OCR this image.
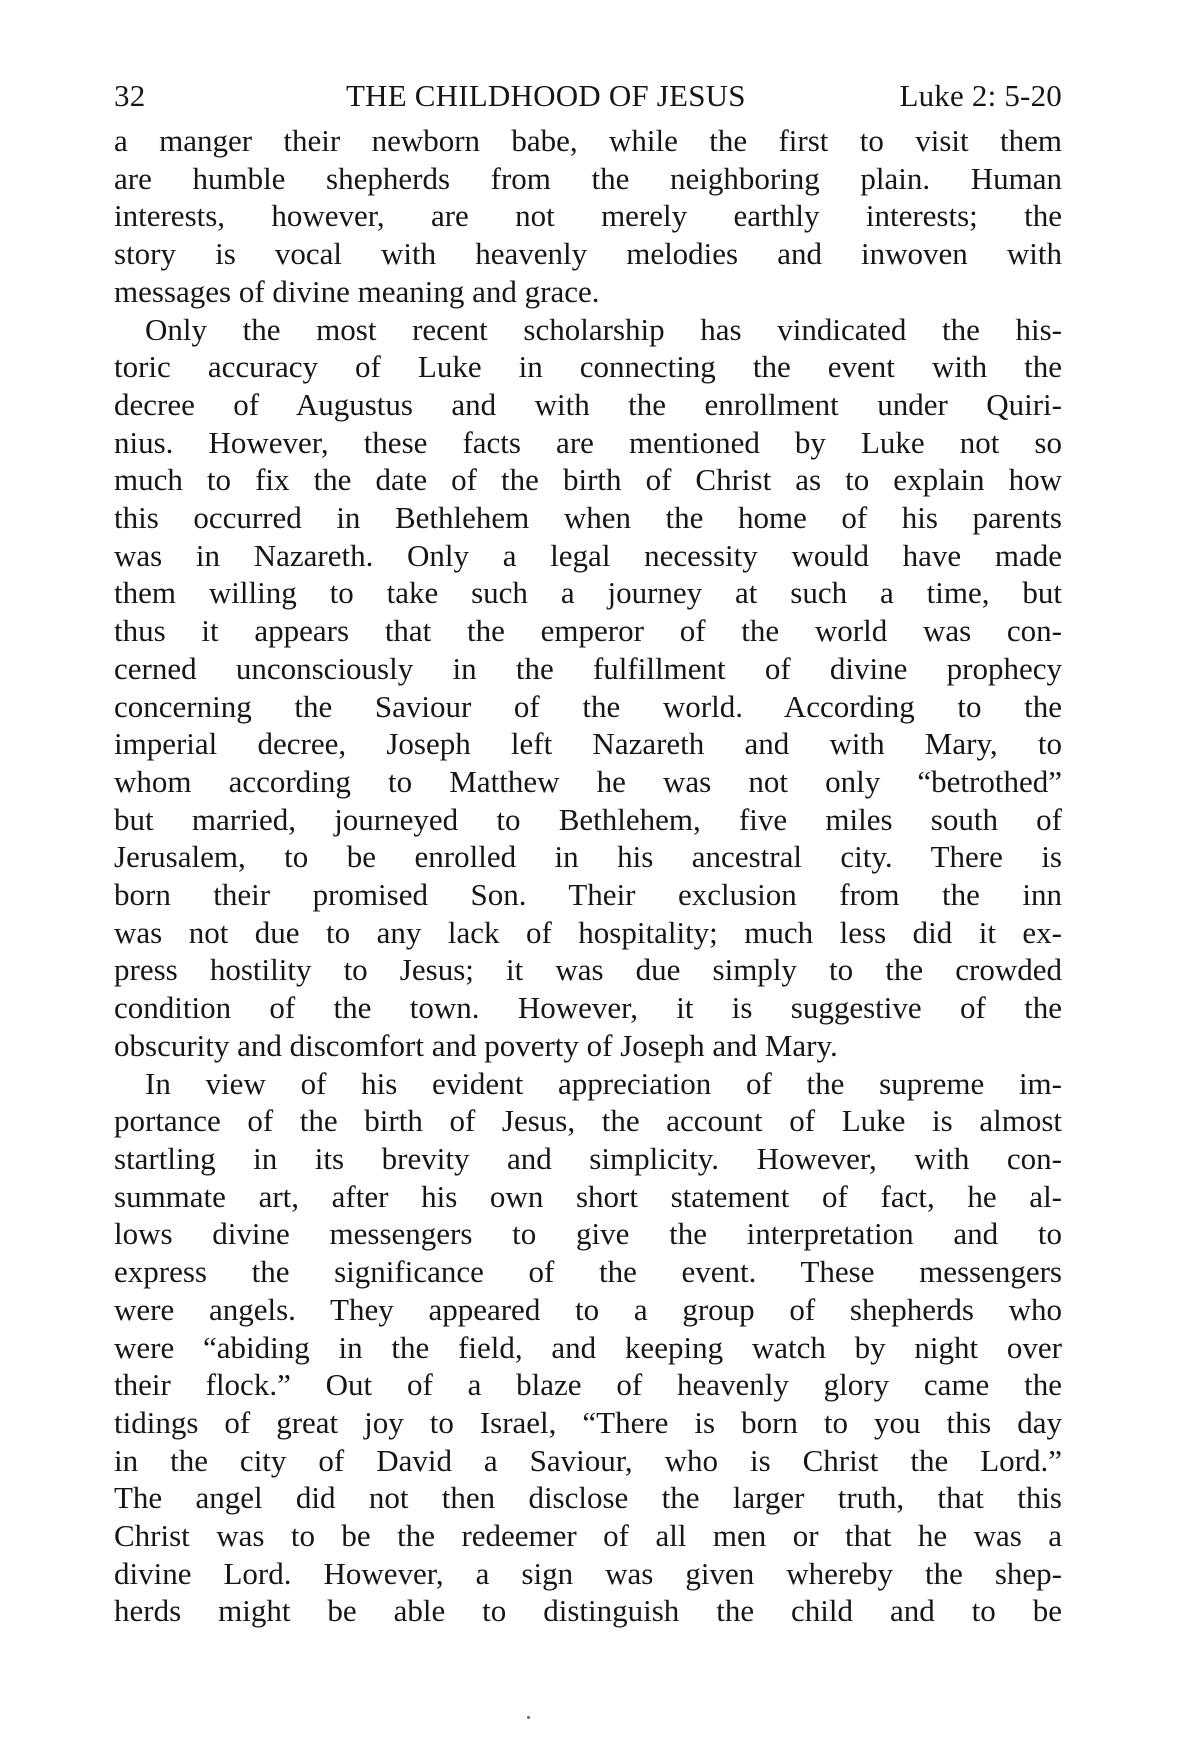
32	THE CHILDHOOD OF JESUS	Luke 2: 5-20

a manger their newborn babe, while the first to visit them
are humble shepherds from the neighboring plain. Human
interests, however, are not merely earthly interests; the
story is vocal with heavenly melodies and inwoven with
messages of divine meaning and grace.

Only the most recent scholarship has vindicated the his-
toric accuracy of Luke in connecting the event with the
decree of Augustus and with the enrollment under Quiri-
nius. However, these facts are mentioned by Luke not so
much to fix the date of the birth of Christ as to explain how
this occurred in Bethlehem when the home of his parents
was in Nazareth. Only a legal necessity would have made
them willing to take such a journey at such a time, but
thus it appears that the emperor of the world was con-
cerned unconsciously in the fulfillment of divine prophecy
concerning the Saviour of the world. According to the
imperial decree, Joseph left Nazareth and with Mary, to
whom according to Matthew he was not only “betrothed”
but married, journeyed to Bethlehem, five miles south of
Jerusalem, to be enrolled in his ancestral city. There is
born their promised Son. Their exclusion from the inn
was not due to any lack of hospitality; much less did it ex-
press hostility to Jesus; it was due simply to the crowded
condition of the town. However, it is suggestive of the
obscurity and discomfort and poverty of Joseph and Mary.

In view of his evident appreciation of the supreme im-
portance of the birth of Jesus, the account of Luke is almost
startling in its brevity and simplicity. However, with con-
summate art, after his own short statement of fact, he al-
lows divine messengers to give the interpretation and to
express the significance of the event. These messengers
were angels. They appeared to a group of shepherds who
were “abiding in the field, and keeping watch by night over
their flock.” Out of a blaze of heavenly glory came the
tidings of great joy to Israel, “There is born to you this day
in the city of David a Saviour, who is Christ the Lord.”
The angel did not then disclose the larger truth, that this
Christ was to be the redeemer of all men or that he was a
divine Lord. However, a sign was given whereby the shep-
herds might be able to distinguish the child and to be
